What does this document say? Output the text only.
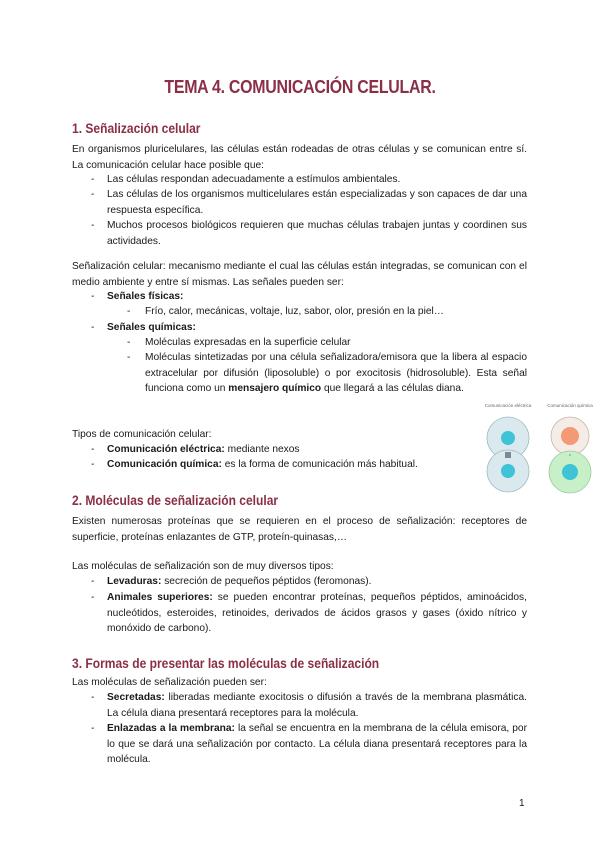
TEMA 4. COMUNICACIÓN CELULAR.
1. Señalización celular
En organismos pluricelulares, las células están rodeadas de otras células y se comunican entre sí. La comunicación celular hace posible que:
- Las células respondan adecuadamente a estímulos ambientales.
- Las células de los organismos multicelulares están especializadas y son capaces de dar una respuesta específica.
- Muchos procesos biológicos requieren que muchas células trabajen juntas y coordinen sus actividades.
Señalización celular: mecanismo mediante el cual las células están integradas, se comunican con el medio ambiente y entre sí mismas. Las señales pueden ser:
- Señales físicas:
- Frío, calor, mecánicas, voltaje, luz, sabor, olor, presión en la piel…
- Señales químicas:
- Moléculas expresadas en la superficie celular
- Moléculas sintetizadas por una célula señalizadora/emisora que la libera al espacio extracelular por difusión (liposoluble) o por exocitosis (hidrosoluble). Esta señal funciona como un mensajero químico que llegará a las células diana.
Tipos de comunicación celular:
- Comunicación eléctrica: mediante nexos
- Comunicación química: es la forma de comunicación más habitual.
Comunicación eléctrica	Comunicación química
2. Moléculas de señalización celular
Existen numerosas proteínas que se requieren en el proceso de señalización: receptores de superficie, proteínas enlazantes de GTP, proteín-quinasas,…
Las moléculas de señalización son de muy diversos tipos:
- Levaduras: secreción de pequeños péptidos (feromonas).
- Animales superiores: se pueden encontrar proteínas, pequeños péptidos, aminoácidos, nucleótidos, esteroides, retinoides, derivados de ácidos grasos y gases (óxido nítrico y monóxido de carbono).
3. Formas de presentar las moléculas de señalización
Las moléculas de señalización pueden ser:
- Secretadas: liberadas mediante exocitosis o difusión a través de la membrana plasmática. La célula diana presentará receptores para la molécula.
- Enlazadas a la membrana: la señal se encuentra en la membrana de la célula emisora, por lo que se dará una señalización por contacto. La célula diana presentará receptores para la molécula.
1
